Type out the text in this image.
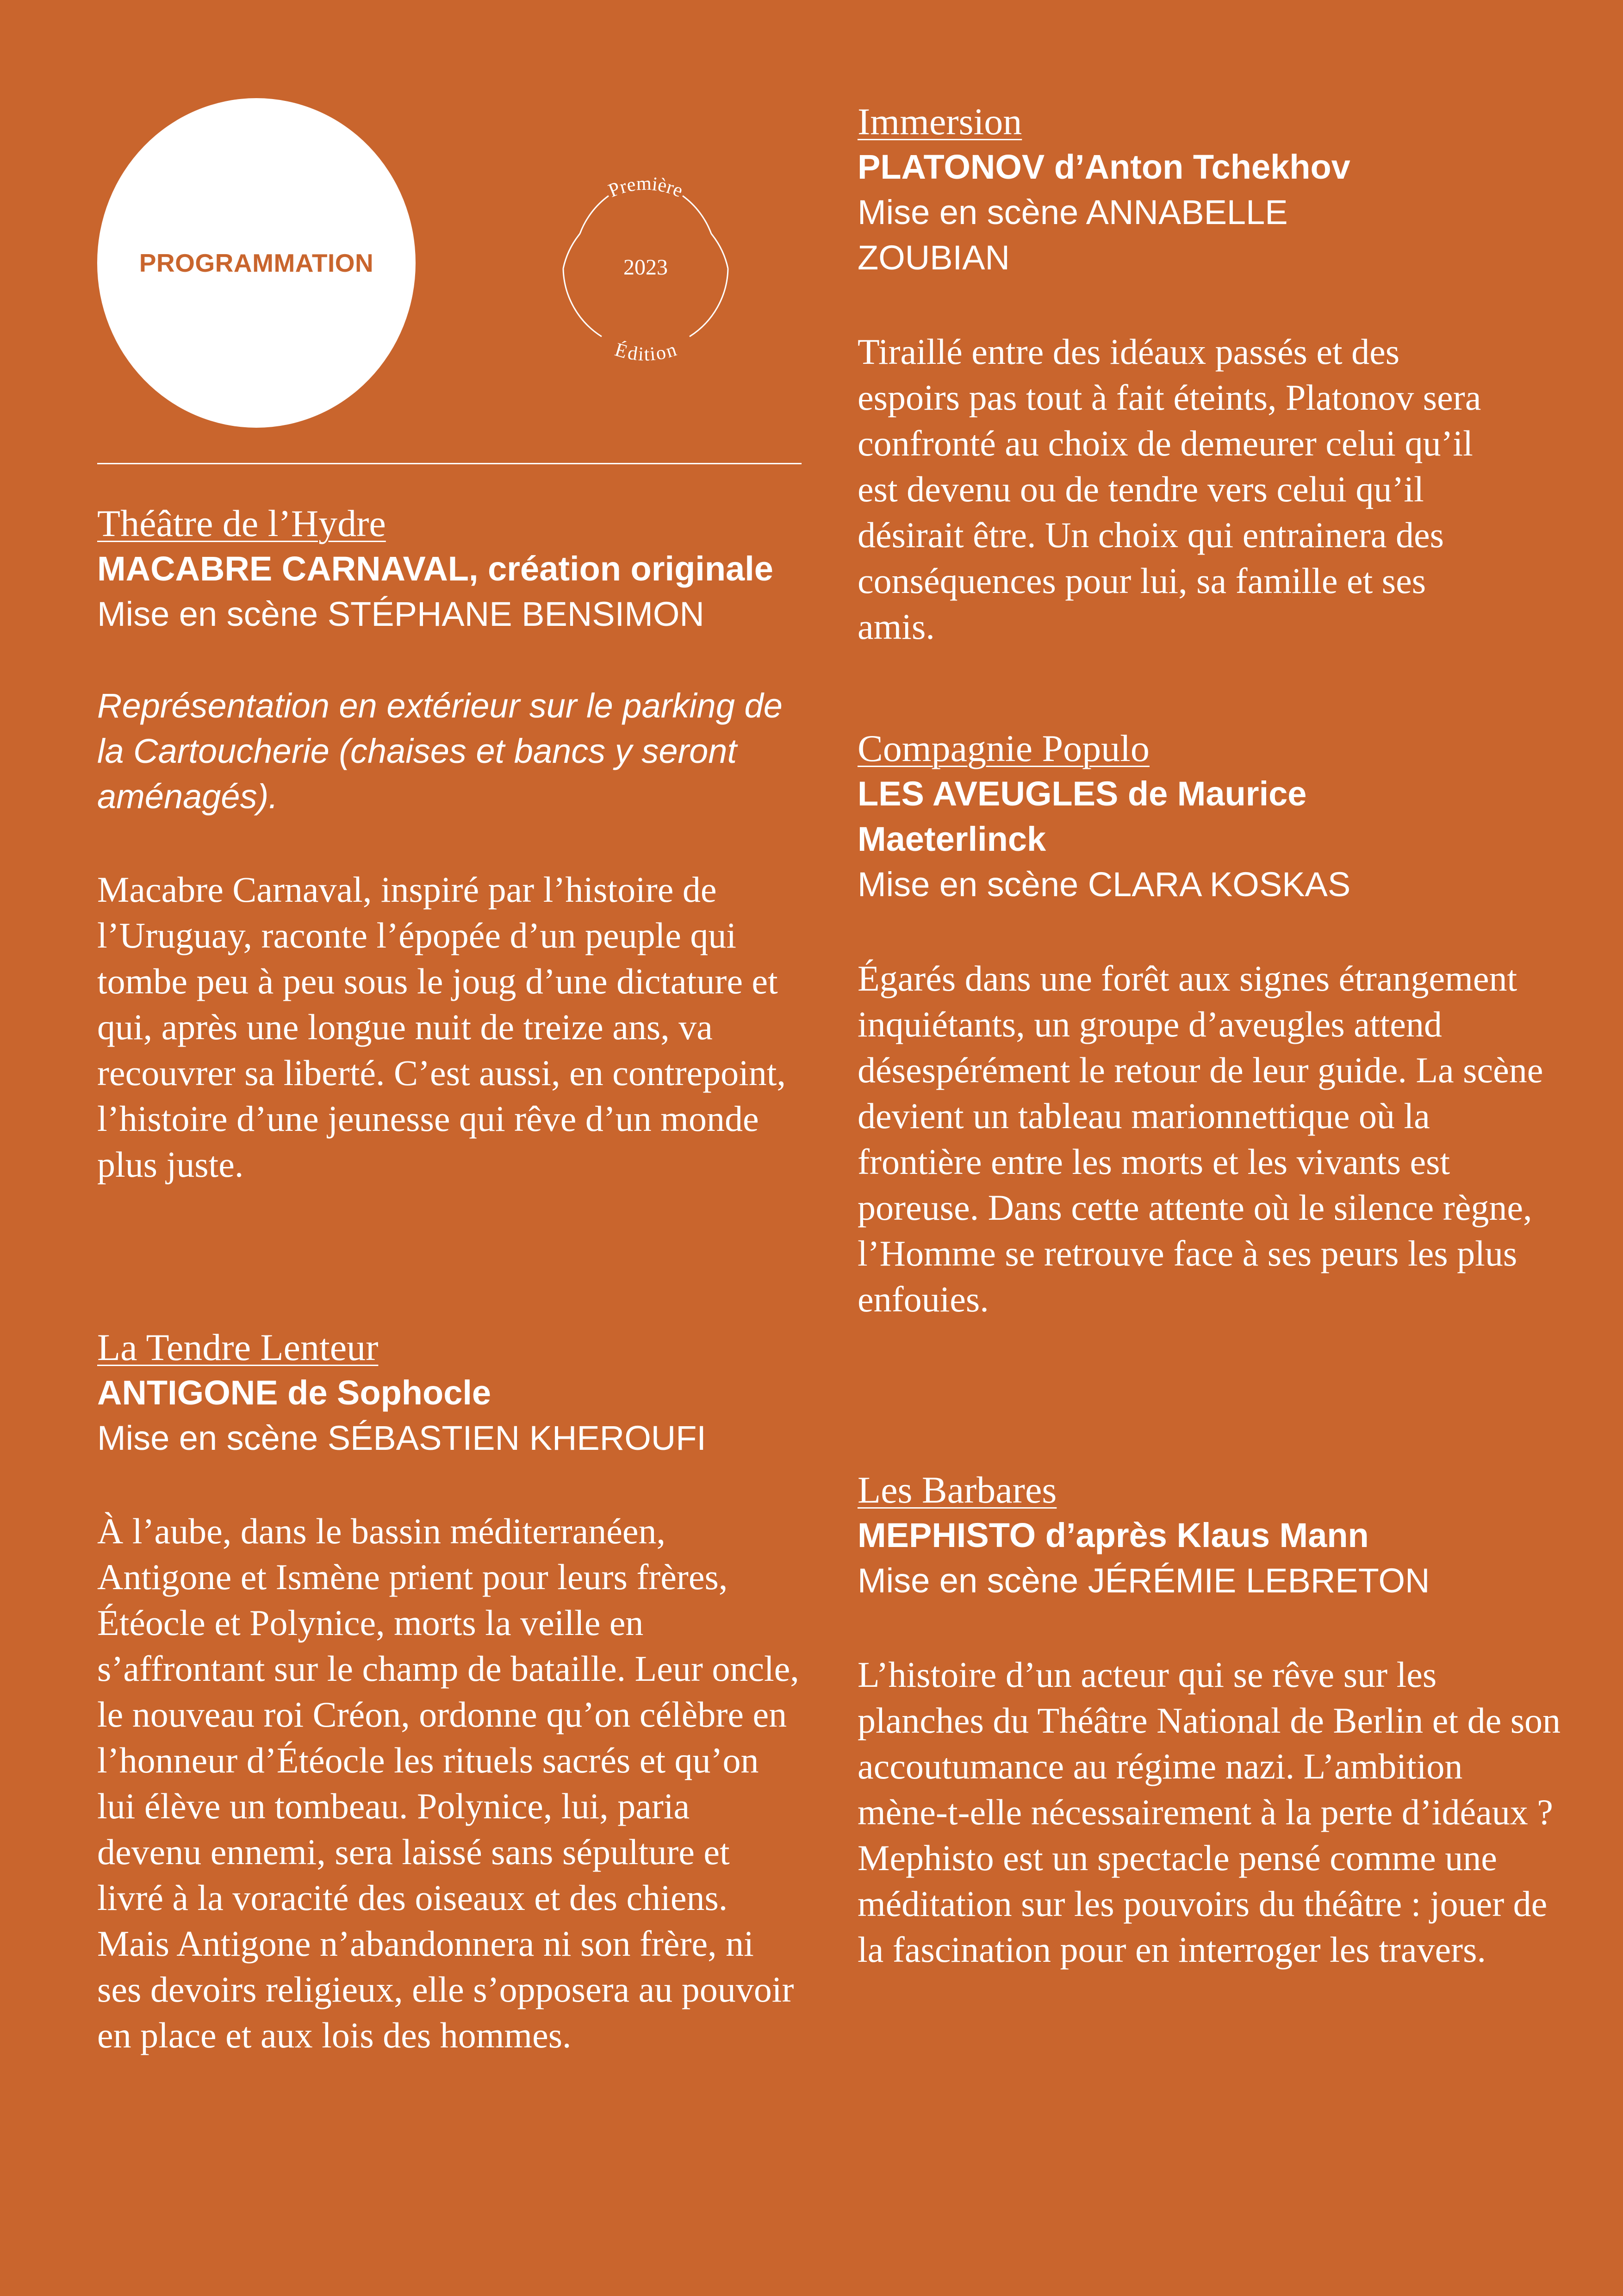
PROGRAMMATION
Première
2023
Édition

Théâtre de l’Hydre

MACABRE CARNAVAL, création originale

Mise en scène STÉPHANE BENSIMON

Représentation en extérieur sur le parking de la Cartoucherie (chaises et bancs y seront aménagés).

Macabre Carnaval, inspiré par l’histoire de l’Uruguay, raconte l’épopée d’un peuple qui tombe peu à peu sous le joug d’une dictature et qui, après une longue nuit de treize ans, va recouvrer sa liberté. C’est aussi, en contrepoint, l’histoire d’une jeunesse qui rêve d’un monde plus juste.

La Tendre Lenteur

ANTIGONE de Sophocle

Mise en scène SÉBASTIEN KHEROUFI

À l’aube, dans le bassin méditerranéen, Antigone et Ismène prient pour leurs frères, Étéocle et Polynice, morts la veille en s’affrontant sur le champ de bataille. Leur oncle, le nouveau roi Créon, ordonne qu’on célèbre en l’honneur d’Étéocle les rituels sacrés et qu’on lui élève un tombeau. Polynice, lui, paria devenu ennemi, sera laissé sans sépulture et livré à la voracité des oiseaux et des chiens. Mais Antigone n’abandonnera ni son frère, ni ses devoirs religieux, elle s’opposera au pouvoir en place et aux lois des hommes.

Immersion

PLATONOV d’Anton Tchekhov

Mise en scène ANNABELLE ZOUBIAN

Tiraillé entre des idéaux passés et des espoirs pas tout à fait éteints, Platonov sera confronté au choix de demeurer celui qu’il est devenu ou de tendre vers celui qu’il désirait être. Un choix qui entrainera des conséquences pour lui, sa famille et ses amis.

Compagnie Populo

LES AVEUGLES de Maurice Maeterlinck

Mise en scène CLARA KOSKAS

Égarés dans une forêt aux signes étrangement inquiétants, un groupe d’aveugles attend désespérément le retour de leur guide. La scène devient un tableau marionnettique où la frontière entre les morts et les vivants est poreuse. Dans cette attente où le silence règne, l’Homme se retrouve face à ses peurs les plus enfouies.

Les Barbares

MEPHISTO d’après Klaus Mann

Mise en scène JÉRÉMIE LEBRETON

L’histoire d’un acteur qui se rêve sur les planches du Théâtre National de Berlin et de son accoutumance au régime nazi. L’ambition mène-t-elle nécessairement à la perte d’idéaux ? Mephisto est un spectacle pensé comme une méditation sur les pouvoirs du théâtre : jouer de la fascination pour en interroger les travers.
